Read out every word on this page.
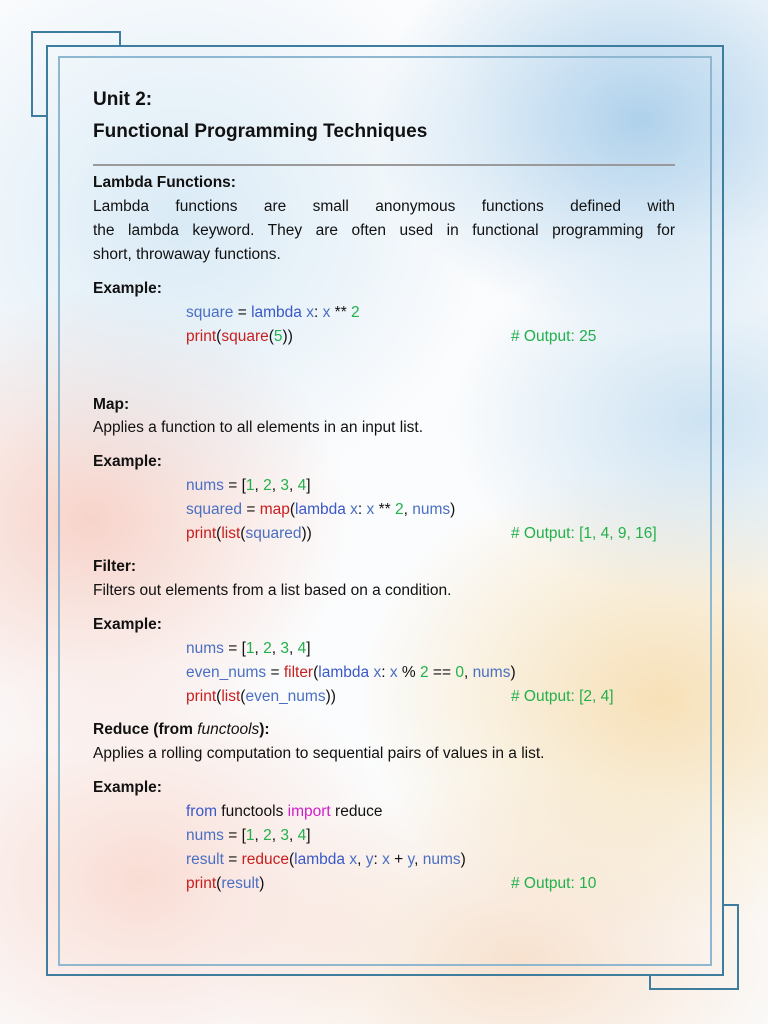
Unit 2:
Functional Programming Techniques
Lambda Functions:
Lambda functions are small anonymous functions defined with
the lambda keyword. They are often used in functional programming for
short, throwaway functions.
Example:
square = lambda x: x ** 2
print(square(5))	# Output: 25
Map:
Applies a function to all elements in an input list.
Example:
nums = [1, 2, 3, 4]
squared = map(lambda x: x ** 2, nums)
print(list(squared))	# Output: [1, 4, 9, 16]
Filter:
Filters out elements from a list based on a condition.
Example:
nums = [1, 2, 3, 4]
even_nums = filter(lambda x: x % 2 == 0, nums)
print(list(even_nums))	# Output: [2, 4]
Reduce (from functools):
Applies a rolling computation to sequential pairs of values in a list.
Example:
from functools import reduce
nums = [1, 2, 3, 4]
result = reduce(lambda x, y: x + y, nums)
print(result)	# Output: 10
